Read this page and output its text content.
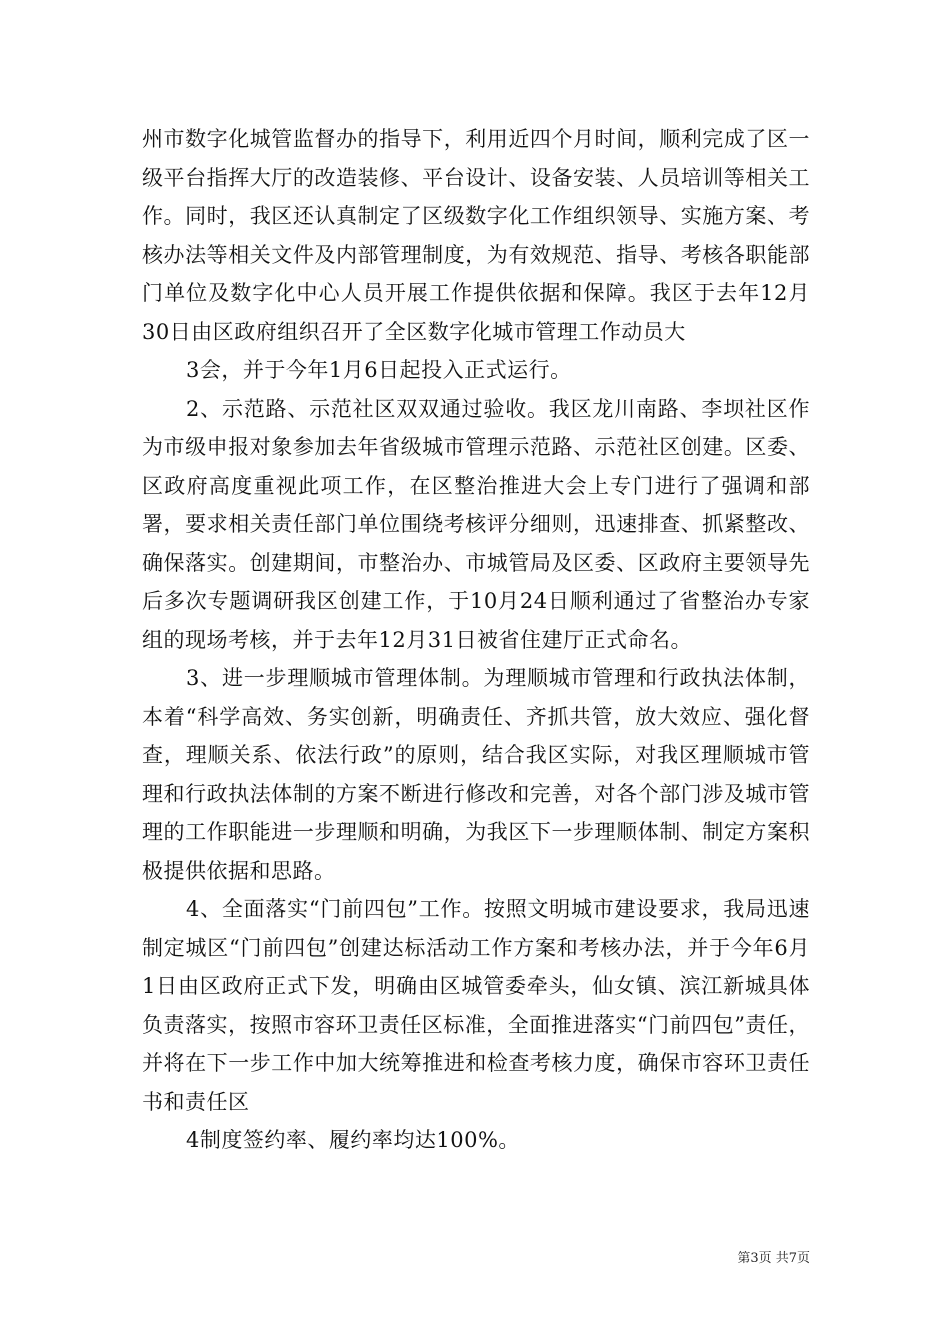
州市数字化城管监督办的指导下，利用近四个月时间，顺利完成了区一级平台指挥大厅的改造装修、平台设计、设备安装、人员培训等相关工作。同时，我区还认真制定了区级数字化工作组织领导、实施方案、考核办法等相关文件及内部管理制度，为有效规范、指导、考核各职能部门单位及数字化中心人员开展工作提供依据和保障。我区于去年12月30日由区政府组织召开了全区数字化城市管理工作动员大

3会，并于今年1月6日起投入正式运行。

2、示范路、示范社区双双通过验收。我区龙川南路、李坝社区作为市级申报对象参加去年省级城市管理示范路、示范社区创建。区委、区政府高度重视此项工作，在区整治推进大会上专门进行了强调和部署，要求相关责任部门单位围绕考核评分细则，迅速排查、抓紧整改、确保落实。创建期间，市整治办、市城管局及区委、区政府主要领导先后多次专题调研我区创建工作，于10月24日顺利通过了省整治办专家组的现场考核，并于去年12月31日被省住建厅正式命名。

3、进一步理顺城市管理体制。为理顺城市管理和行政执法体制，本着“科学高效、务实创新，明确责任、齐抓共管，放大效应、强化督查，理顺关系、依法行政”的原则，结合我区实际，对我区理顺城市管理和行政执法体制的方案不断进行修改和完善，对各个部门涉及城市管理的工作职能进一步理顺和明确，为我区下一步理顺体制、制定方案积极提供依据和思路。

4、全面落实“门前四包”工作。按照文明城市建设要求，我局迅速制定城区“门前四包”创建达标活动工作方案和考核办法，并于今年6月1日由区政府正式下发，明确由区城管委牵头，仙女镇、滨江新城具体负责落实，按照市容环卫责任区标准，全面推进落实“门前四包”责任，并将在下一步工作中加大统筹推进和检查考核力度，确保市容环卫责任书和责任区

4制度签约率、履约率均达100%。

第3页 共7页
